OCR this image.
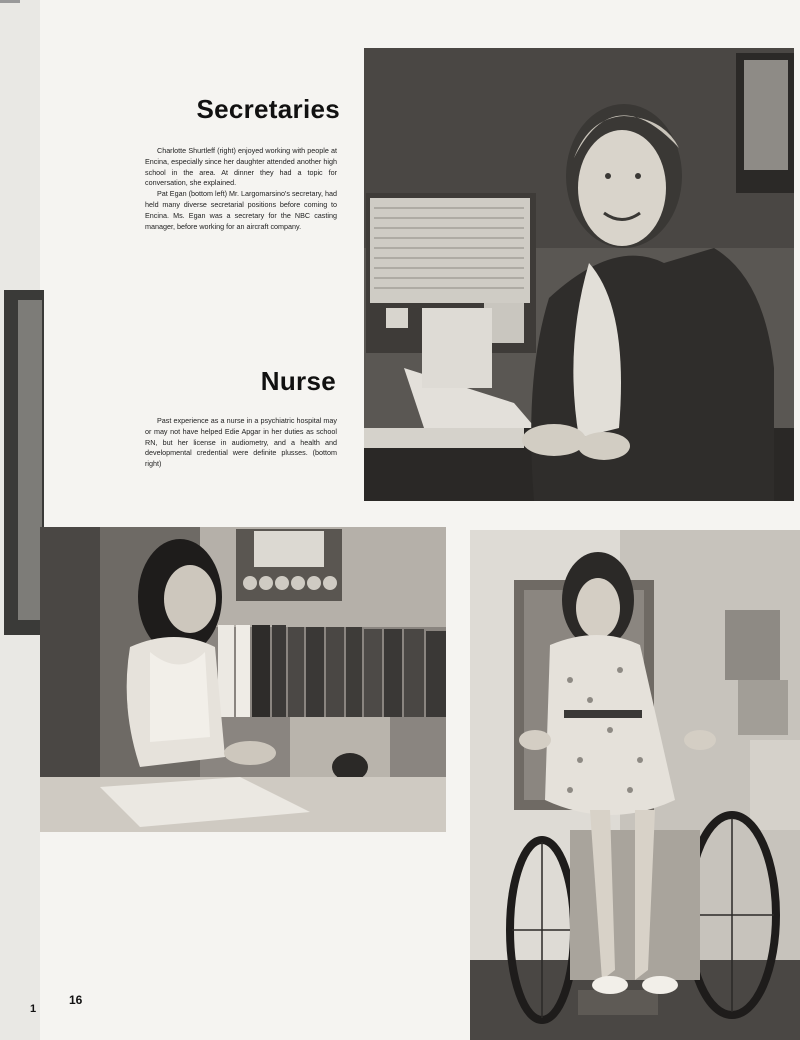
1
Secretaries

Charlotte Shurtleff (right) enjoyed working with people at Encina, especially since her daughter attended another high school in the area. At dinner they had a topic for conversation, she explained.

Pat Egan (bottom left) Mr. Largomarsino's secretary, had held many diverse secretarial positions before coming to Encina. Ms. Egan was a secretary for the NBC casting manager, before working for an aircraft company.

Nurse

Past experience as a nurse in a psychiatric hospital may or may not have helped Edie Apgar in her duties as school RN, but her license in audiometry, and a health and developmental credential were definite plusses. (bottom right)

16
